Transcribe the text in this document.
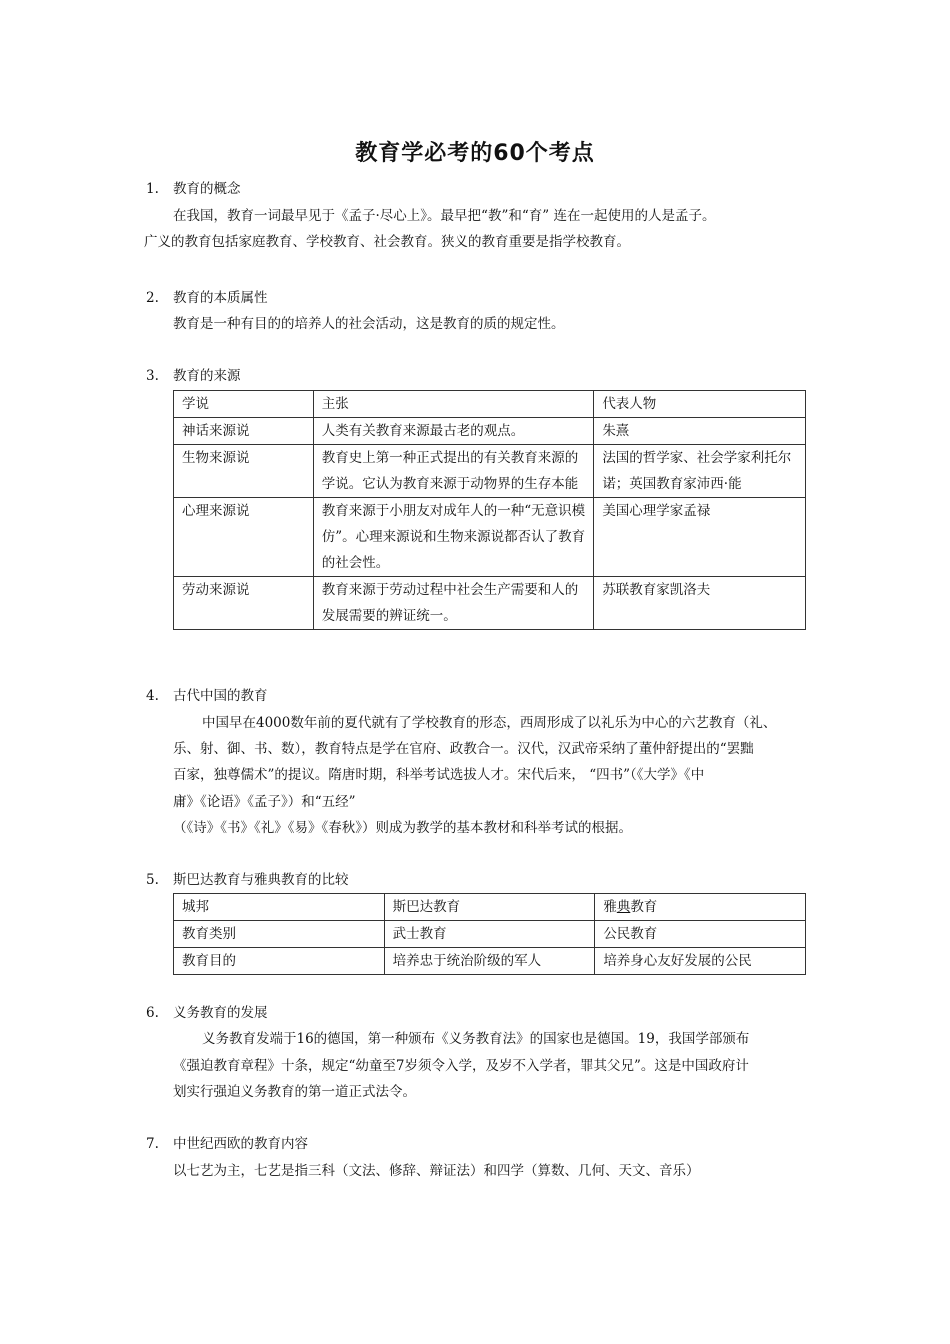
教育学必考的60个考点
1. 教育的概念
在我国，教育一词最早见于《孟子·尽心上》。最早把“教”和“育” 连在一起使用的人是孟子。
广义的教育包括家庭教育、学校教育、社会教育。狭义的教育重要是指学校教育。
2. 教育的本质属性
教育是一种有目的的培养人的社会活动，这是教育的质的规定性。
3. 教育的来源
学说	主张	代表人物
神话来源说	人类有关教育来源最古老的观点。	朱熹
生物来源说	教育史上第一种正式提出的有关教育来源的学说。它认为教育来源于动物界的生存本能	法国的哲学家、社会学家利托尔诺；英国教育家沛西·能
心理来源说	教育来源于小朋友对成年人的一种“无意识模仿”。心理来源说和生物来源说都否认了教育的社会性。	美国心理学家孟禄
劳动来源说	教育来源于劳动过程中社会生产需要和人的发展需要的辨证统一。	苏联教育家凯洛夫
4. 古代中国的教育
中国早在4000数年前的夏代就有了学校教育的形态，西周形成了以礼乐为中心的六艺教育（礼、
乐、射、御、书、数），教育特点是学在官府、政教合一。汉代，汉武帝采纳了董仲舒提出的“罢黜
百家，独尊儒术”的提议。隋唐时期，科举考试选拔人才。宋代后来， “四书”（《大学》《中
庸》《论语》《孟子》）和“五经”
（《诗》《书》《礼》《易》《春秋》）则成为教学的基本教材和科举考试的根据。
5. 斯巴达教育与雅典教育的比较
城邦	斯巴达教育	雅典教育
教育类别	武士教育	公民教育
教育目的	培养忠于统治阶级的军人	培养身心友好发展的公民
6. 义务教育的发展
义务教育发端于16的德国，第一种颁布《义务教育法》的国家也是德国。19，我国学部颁布
《强迫教育章程》十条，规定“幼童至7岁须令入学，及岁不入学者，罪其父兄”。这是中国政府计
划实行强迫义务教育的第一道正式法令。
7. 中世纪西欧的教育内容
以七艺为主，七艺是指三科（文法、修辞、辩证法）和四学（算数、几何、天文、音乐）
